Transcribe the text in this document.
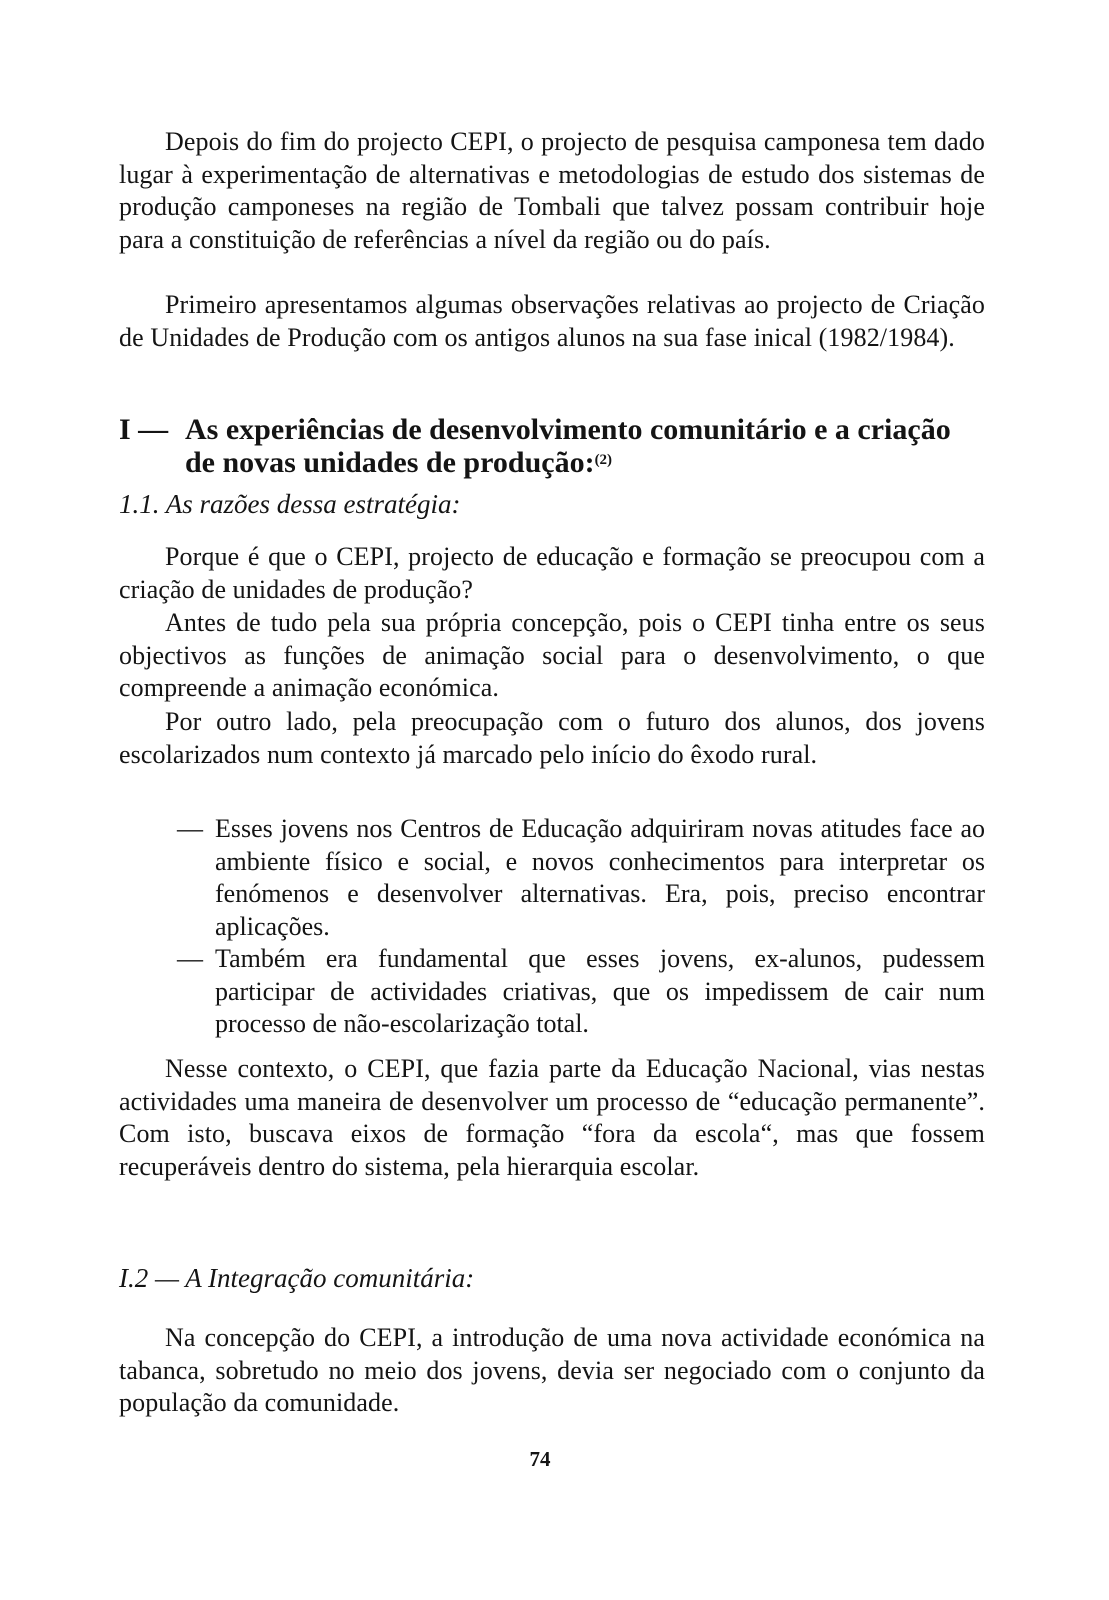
Depois do fim do projecto CEPI, o projecto de pesquisa camponesa tem dado lugar à experimentação de alternativas e metodologias de estudo dos sistemas de produção camponeses na região de Tombali que talvez possam contribuir hoje para a constituição de referências a nível da região ou do país.
Primeiro apresentamos algumas observações relativas ao projecto de Criação de Unidades de Produção com os antigos alunos na sua fase inical (1982/1984).
I — As experiências de desenvolvimento comunitário e a criação de novas unidades de produção:$^{(2)}$
1.1. As razões dessa estratégia:
Porque é que o CEPI, projecto de educação e formação se preocupou com a criação de unidades de produção?
Antes de tudo pela sua própria concepção, pois o CEPI tinha entre os seus objectivos as funções de animação social para o desenvolvimento, o que compreende a animação económica.
Por outro lado, pela preocupação com o futuro dos alunos, dos jovens escolarizados num contexto já marcado pelo início do êxodo rural.
— Esses jovens nos Centros de Educação adquiriram novas atitudes face ao ambiente físico e social, e novos conhecimentos para interpretar os fenómenos e desenvolver alternativas. Era, pois, preciso encontrar aplicações.
— Também era fundamental que esses jovens, ex-alunos, pudessem participar de actividades criativas, que os impedissem de cair num processo de não-escolarização total.
Nesse contexto, o CEPI, que fazia parte da Educação Nacional, vias nestas actividades uma maneira de desenvolver um processo de “educação permanente”. Com isto, buscava eixos de formação “fora da escola“, mas que fossem recuperáveis dentro do sistema, pela hierarquia escolar.
I.2 — A Integração comunitária:
Na concepção do CEPI, a introdução de uma nova actividade económica na tabanca, sobretudo no meio dos jovens, devia ser negociado com o conjunto da população da comunidade.
74
